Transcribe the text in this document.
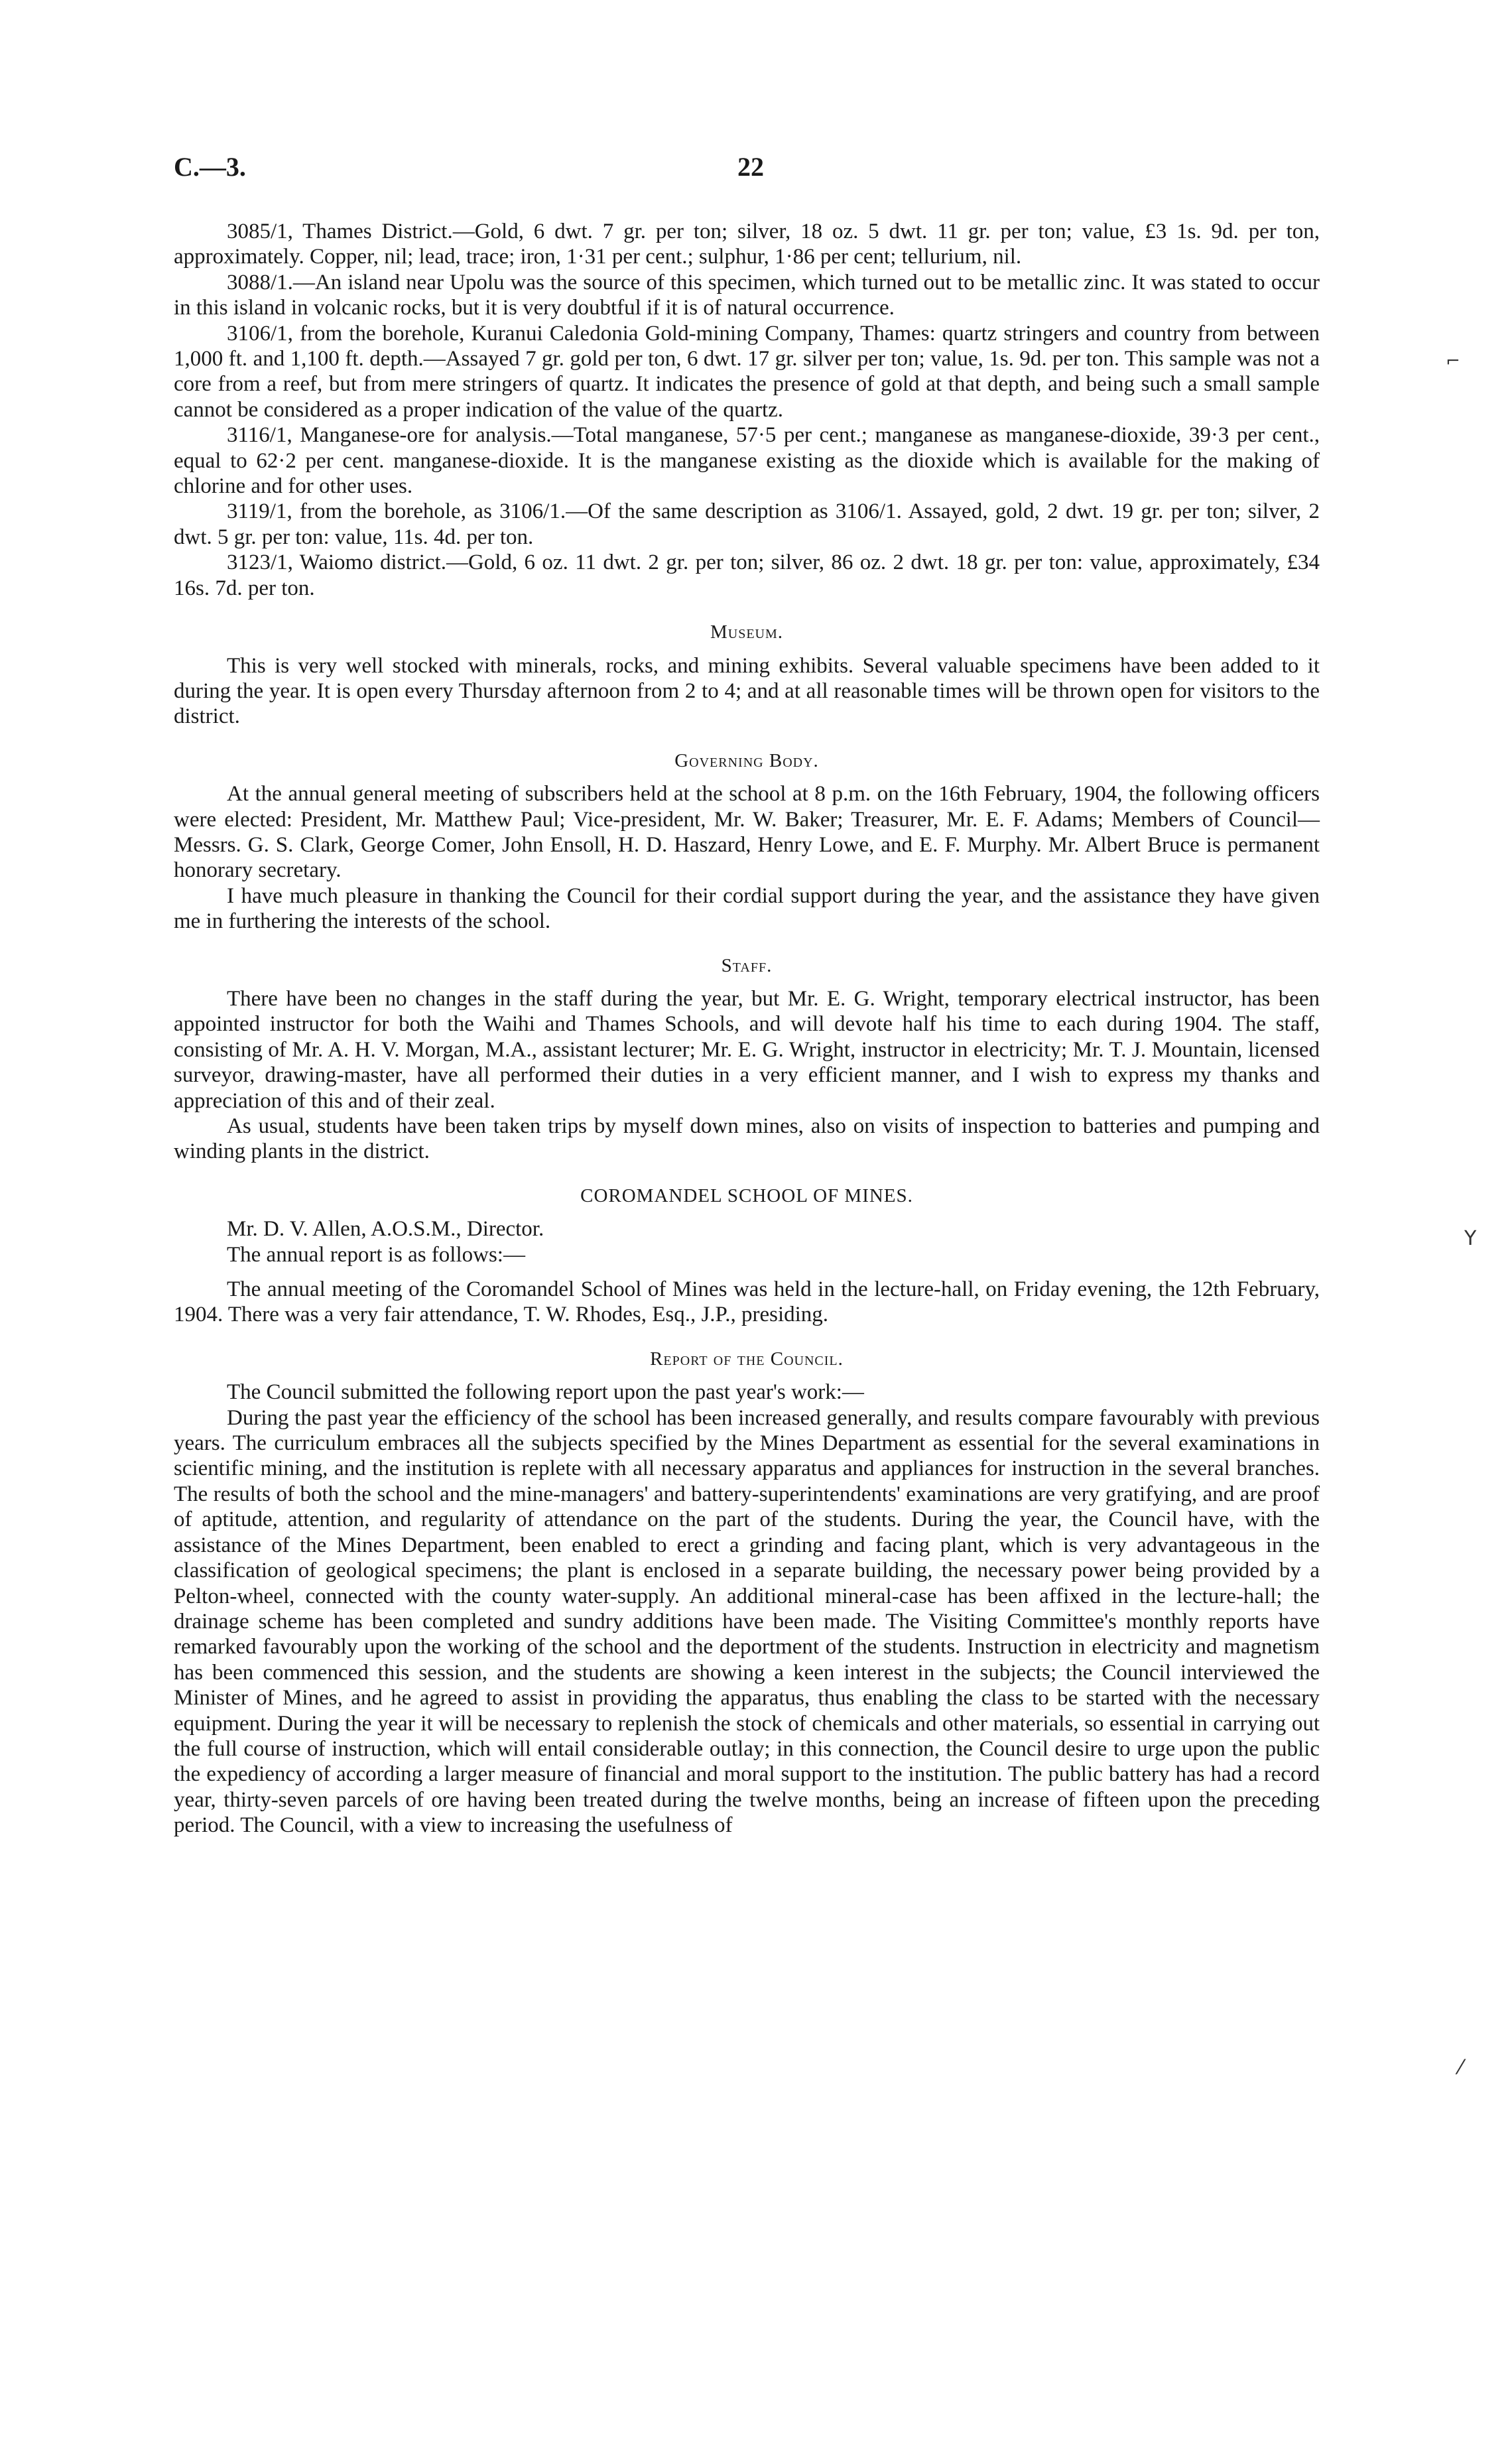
C.—3.	22

3085/1, Thames District.—Gold, 6 dwt. 7 gr. per ton; silver, 18 oz. 5 dwt. 11 gr. per ton; value, £3 1s. 9d. per ton, approximately. Copper, nil; lead, trace; iron, 1·31 per cent.; sulphur, 1·86 per cent; tellurium, nil.

3088/1.—An island near Upolu was the source of this specimen, which turned out to be metallic zinc. It was stated to occur in this island in volcanic rocks, but it is very doubtful if it is of natural occurrence.

3106/1, from the borehole, Kuranui Caledonia Gold-mining Company, Thames: quartz stringers and country from between 1,000 ft. and 1,100 ft. depth.—Assayed 7 gr. gold per ton, 6 dwt. 17 gr. silver per ton; value, 1s. 9d. per ton. This sample was not a core from a reef, but from mere stringers of quartz. It indicates the presence of gold at that depth, and being such a small sample cannot be considered as a proper indication of the value of the quartz.

3116/1, Manganese-ore for analysis.—Total manganese, 57·5 per cent.; manganese as manganese-dioxide, 39·3 per cent., equal to 62·2 per cent. manganese-dioxide. It is the manganese existing as the dioxide which is available for the making of chlorine and for other uses.

3119/1, from the borehole, as 3106/1.—Of the same description as 3106/1. Assayed, gold, 2 dwt. 19 gr. per ton; silver, 2 dwt. 5 gr. per ton: value, 11s. 4d. per ton.

3123/1, Waiomo district.—Gold, 6 oz. 11 dwt. 2 gr. per ton; silver, 86 oz. 2 dwt. 18 gr. per ton: value, approximately, £34 16s. 7d. per ton.

Museum.

This is very well stocked with minerals, rocks, and mining exhibits. Several valuable specimens have been added to it during the year. It is open every Thursday afternoon from 2 to 4; and at all reasonable times will be thrown open for visitors to the district.

Governing Body.

At the annual general meeting of subscribers held at the school at 8 p.m. on the 16th February, 1904, the following officers were elected: President, Mr. Matthew Paul; Vice-president, Mr. W. Baker; Treasurer, Mr. E. F. Adams; Members of Council—Messrs. G. S. Clark, George Comer, John Ensoll, H. D. Haszard, Henry Lowe, and E. F. Murphy. Mr. Albert Bruce is permanent honorary secretary.

I have much pleasure in thanking the Council for their cordial support during the year, and the assistance they have given me in furthering the interests of the school.

Staff.

There have been no changes in the staff during the year, but Mr. E. G. Wright, temporary electrical instructor, has been appointed instructor for both the Waihi and Thames Schools, and will devote half his time to each during 1904. The staff, consisting of Mr. A. H. V. Morgan, M.A., assistant lecturer; Mr. E. G. Wright, instructor in electricity; Mr. T. J. Mountain, licensed surveyor, drawing-master, have all performed their duties in a very efficient manner, and I wish to express my thanks and appreciation of this and of their zeal.

As usual, students have been taken trips by myself down mines, also on visits of inspection to batteries and pumping and winding plants in the district.

COROMANDEL SCHOOL OF MINES.

Mr. D. V. Allen, A.O.S.M., Director.

The annual report is as follows:—

The annual meeting of the Coromandel School of Mines was held in the lecture-hall, on Friday evening, the 12th February, 1904. There was a very fair attendance, T. W. Rhodes, Esq., J.P., presiding.

Report of the Council.

The Council submitted the following report upon the past year's work:—

During the past year the efficiency of the school has been increased generally, and results compare favourably with previous years. The curriculum embraces all the subjects specified by the Mines Department as essential for the several examinations in scientific mining, and the institution is replete with all necessary apparatus and appliances for instruction in the several branches. The results of both the school and the mine-managers' and battery-superintendents' examinations are very gratifying, and are proof of aptitude, attention, and regularity of attendance on the part of the students. During the year, the Council have, with the assistance of the Mines Department, been enabled to erect a grinding and facing plant, which is very advantageous in the classification of geological specimens; the plant is enclosed in a separate building, the necessary power being provided by a Pelton-wheel, connected with the county water-supply. An additional mineral-case has been affixed in the lecture-hall; the drainage scheme has been completed and sundry additions have been made. The Visiting Committee's monthly reports have remarked favourably upon the working of the school and the deportment of the students. Instruction in electricity and magnetism has been commenced this session, and the students are showing a keen interest in the subjects; the Council interviewed the Minister of Mines, and he agreed to assist in providing the apparatus, thus enabling the class to be started with the necessary equipment. During the year it will be necessary to replenish the stock of chemicals and other materials, so essential in carrying out the full course of instruction, which will entail considerable outlay; in this connection, the Council desire to urge upon the public the expediency of according a larger measure of financial and moral support to the institution. The public battery has had a record year, thirty-seven parcels of ore having been treated during the twelve months, being an increase of fifteen upon the preceding period. The Council, with a view to increasing the usefulness of

⌐
Y
⁄
